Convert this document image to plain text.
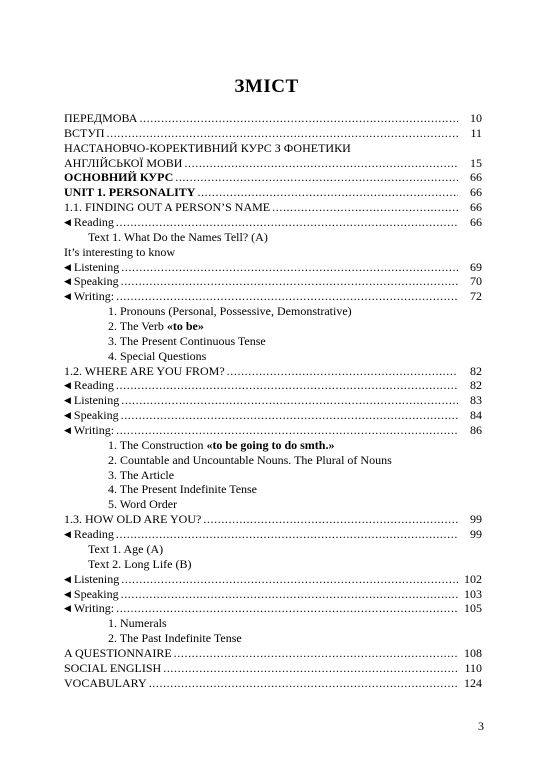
ЗМІСТ
ПЕРЕДМОВА .....	10
ВСТУП .....	11
НАСТАНОВЧО-КОРЕКТИВНИЙ КУРС З ФОНЕТИКИ
АНГЛІЙСЬКОЇ МОВИ .....	15
ОСНОВНИЙ КУРС .....	66
UNIT 1. PERSONALITY .....	66
1.1. FINDING OUT A PERSON’S NAME .....	66
◀ Reading .....	66
Text 1. What Do the Names Tell? (A)
It’s interesting to know
◀ Listening .....	69
◀ Speaking .....	70
◀ Writing: .....	72
1. Pronouns (Personal, Possessive, Demonstrative)
2. The Verb «to be»
3. The Present Continuous Tense
4. Special Questions
1.2. WHERE ARE YOU FROM? .....	82
◀ Reading .....	82
◀ Listening .....	83
◀ Speaking .....	84
◀ Writing: .....	86
1. The Construction «to be going to do smth.»
2. Countable and Uncountable Nouns. The Plural of Nouns
3. The Article
4. The Present Indefinite Tense
5. Word Order
1.3. HOW OLD ARE YOU? .....	99
◀ Reading .....	99
Text 1. Age (A)
Text 2. Long Life (B)
◀ Listening .....	102
◀ Speaking .....	103
◀ Writing: .....	105
1. Numerals
2. The Past Indefinite Tense
A QUESTIONNAIRE .....	108
SOCIAL ENGLISH .....	110
VOCABULARY .....	124
3
